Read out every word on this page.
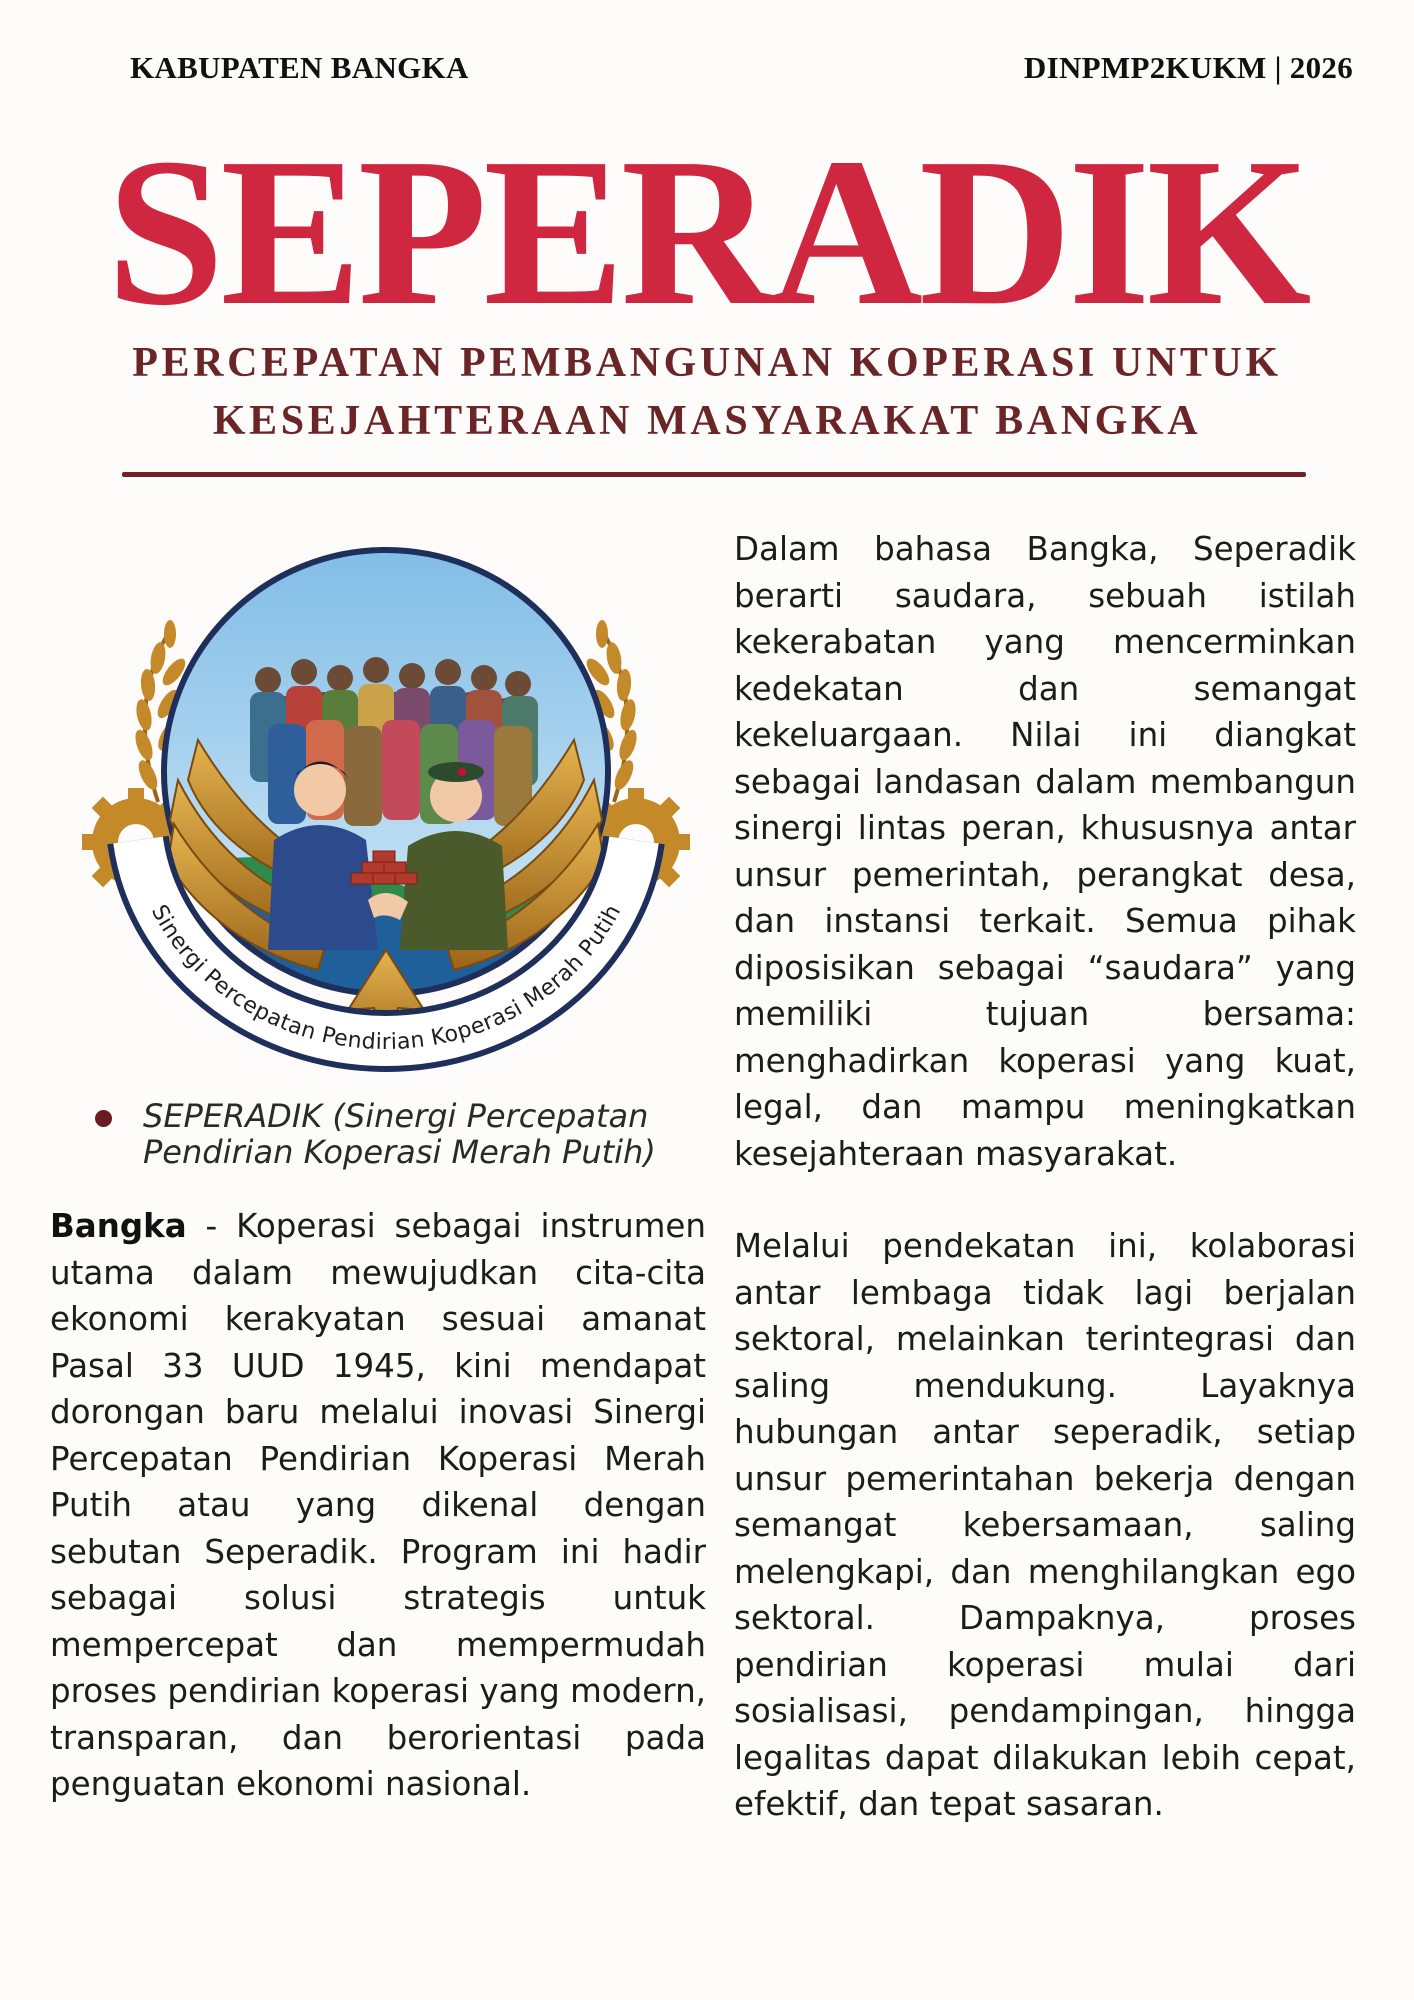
KABUPATEN BANGKA	DINPMP2KUKM | 2026
SEPERADIK
PERCEPATAN PEMBANGUNAN KOPERASI UNTUK
KESEJAHTERAAN MASYARAKAT BANGKA
Sinergi Percepatan Pendirian Koperasi Merah Putih
SEPERADIK (Sinergi Percepatan
Pendirian Koperasi Merah Putih)
Bangka - Koperasi sebagai instrumen utama dalam mewujudkan cita-cita ekonomi kerakyatan sesuai amanat Pasal 33 UUD 1945, kini mendapat dorongan baru melalui inovasi Sinergi Percepatan Pendirian Koperasi Merah Putih atau yang dikenal dengan sebutan Seperadik. Program ini hadir sebagai solusi strategis untuk mempercepat dan mempermudah proses pendirian koperasi yang modern, transparan, dan berorientasi pada penguatan ekonomi nasional.

Dalam bahasa Bangka, Seperadik berarti saudara, sebuah istilah kekerabatan yang mencerminkan kedekatan dan semangat kekeluargaan. Nilai ini diangkat sebagai landasan dalam membangun sinergi lintas peran, khususnya antar unsur pemerintah, perangkat desa, dan instansi terkait. Semua pihak diposisikan sebagai “saudara” yang memiliki tujuan bersama: menghadirkan koperasi yang kuat, legal, dan mampu meningkatkan kesejahteraan masyarakat.

Melalui pendekatan ini, kolaborasi antar lembaga tidak lagi berjalan sektoral, melainkan terintegrasi dan saling mendukung. Layaknya hubungan antar seperadik, setiap unsur pemerintahan bekerja dengan semangat kebersamaan, saling melengkapi, dan menghilangkan ego sektoral. Dampaknya, proses pendirian koperasi mulai dari sosialisasi, pendampingan, hingga legalitas dapat dilakukan lebih cepat, efektif, dan tepat sasaran.
